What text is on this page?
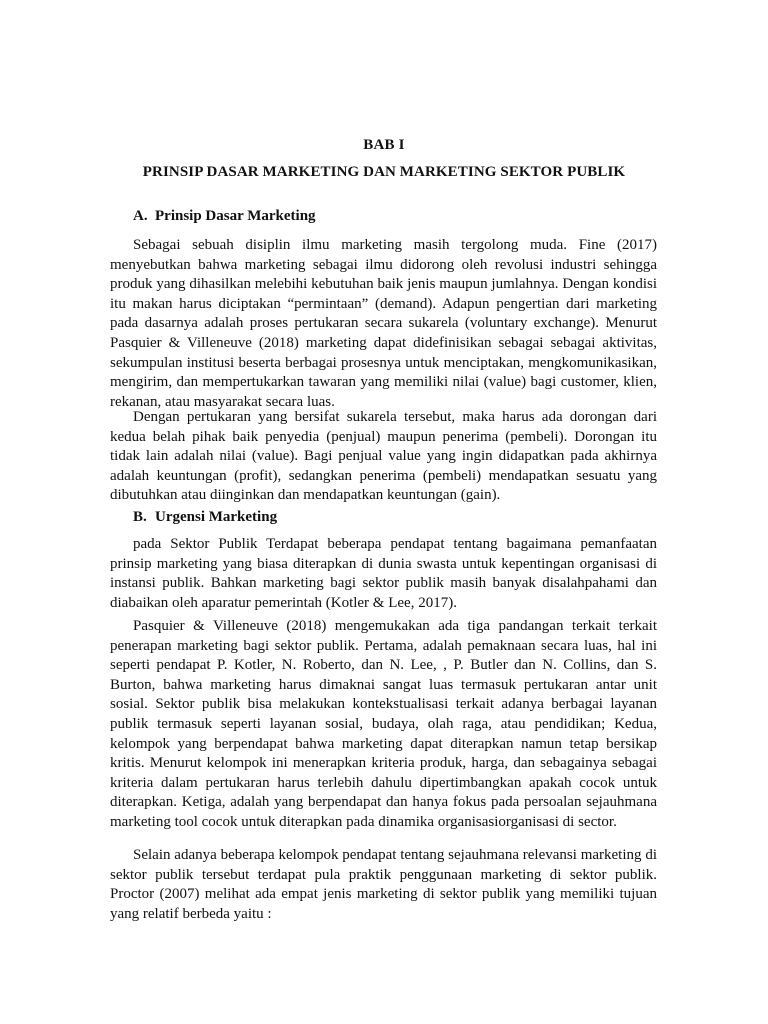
BAB I
PRINSIP DASAR MARKETING DAN MARKETING SEKTOR PUBLIK
A. Prinsip Dasar Marketing

Sebagai sebuah disiplin ilmu marketing masih tergolong muda. Fine (2017) menyebutkan bahwa marketing sebagai ilmu didorong oleh revolusi industri sehingga produk yang dihasilkan melebihi kebutuhan baik jenis maupun jumlahnya. Dengan kondisi itu makan harus diciptakan “permintaan” (demand). Adapun pengertian dari marketing pada dasarnya adalah proses pertukaran secara sukarela (voluntary exchange). Menurut Pasquier & Villeneuve (2018) marketing dapat didefinisikan sebagai sebagai aktivitas, sekumpulan institusi beserta berbagai prosesnya untuk menciptakan, mengkomunikasikan, mengirim, dan mempertukarkan tawaran yang memiliki nilai (value) bagi customer, klien, rekanan, atau masyarakat secara luas.

Dengan pertukaran yang bersifat sukarela tersebut, maka harus ada dorongan dari kedua belah pihak baik penyedia (penjual) maupun penerima (pembeli). Dorongan itu tidak lain adalah nilai (value). Bagi penjual value yang ingin didapatkan pada akhirnya adalah keuntungan (profit), sedangkan penerima (pembeli) mendapatkan sesuatu yang dibutuhkan atau diinginkan dan mendapatkan keuntungan (gain).

B. Urgensi Marketing

pada Sektor Publik Terdapat beberapa pendapat tentang bagaimana pemanfaatan prinsip marketing yang biasa diterapkan di dunia swasta untuk kepentingan organisasi di instansi publik. Bahkan marketing bagi sektor publik masih banyak disalahpahami dan diabaikan oleh aparatur pemerintah (Kotler & Lee, 2017).

Pasquier & Villeneuve (2018) mengemukakan ada tiga pandangan terkait terkait penerapan marketing bagi sektor publik. Pertama, adalah pemaknaan secara luas, hal ini seperti pendapat P. Kotler, N. Roberto, dan N. Lee, , P. Butler dan N. Collins, dan S. Burton, bahwa marketing harus dimaknai sangat luas termasuk pertukaran antar unit sosial. Sektor publik bisa melakukan kontekstualisasi terkait adanya berbagai layanan publik termasuk seperti layanan sosial, budaya, olah raga, atau pendidikan; Kedua, kelompok yang berpendapat bahwa marketing dapat diterapkan namun tetap bersikap kritis. Menurut kelompok ini menerapkan kriteria produk, harga, dan sebagainya sebagai kriteria dalam pertukaran harus terlebih dahulu dipertimbangkan apakah cocok untuk diterapkan. Ketiga, adalah yang berpendapat dan hanya fokus pada persoalan sejauhmana marketing tool cocok untuk diterapkan pada dinamika organisasiorganisasi di sector.

Selain adanya beberapa kelompok pendapat tentang sejauhmana relevansi marketing di sektor publik tersebut terdapat pula praktik penggunaan marketing di sektor publik. Proctor (2007) melihat ada empat jenis marketing di sektor publik yang memiliki tujuan yang relatif berbeda yaitu :
